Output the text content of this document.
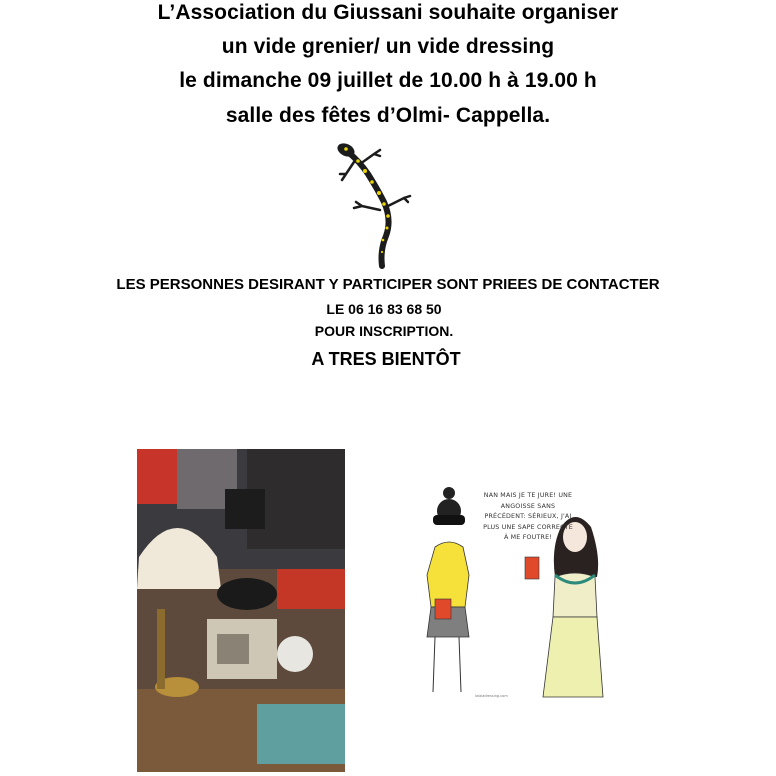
L’Association du Giussani souhaite organiser
un vide grenier/ un vide dressing
le dimanche 09 juillet de 10.00 h à 19.00 h
salle des fêtes d’Olmi- Cappella.
LES PERSONNES DESIRANT Y PARTICIPER SONT PRIEES DE CONTACTER
LE 06 16 83 68 50
POUR INSCRIPTION.
A TRES BIENTÔT
NAN MAIS JE TE JURE! UNE ANGOISSE SANS PRÉCÉDENT: SÉRIEUX, J'AI PLUS UNE SAPE CORRECTE À ME FOUTRE!
lalaladressing.com
